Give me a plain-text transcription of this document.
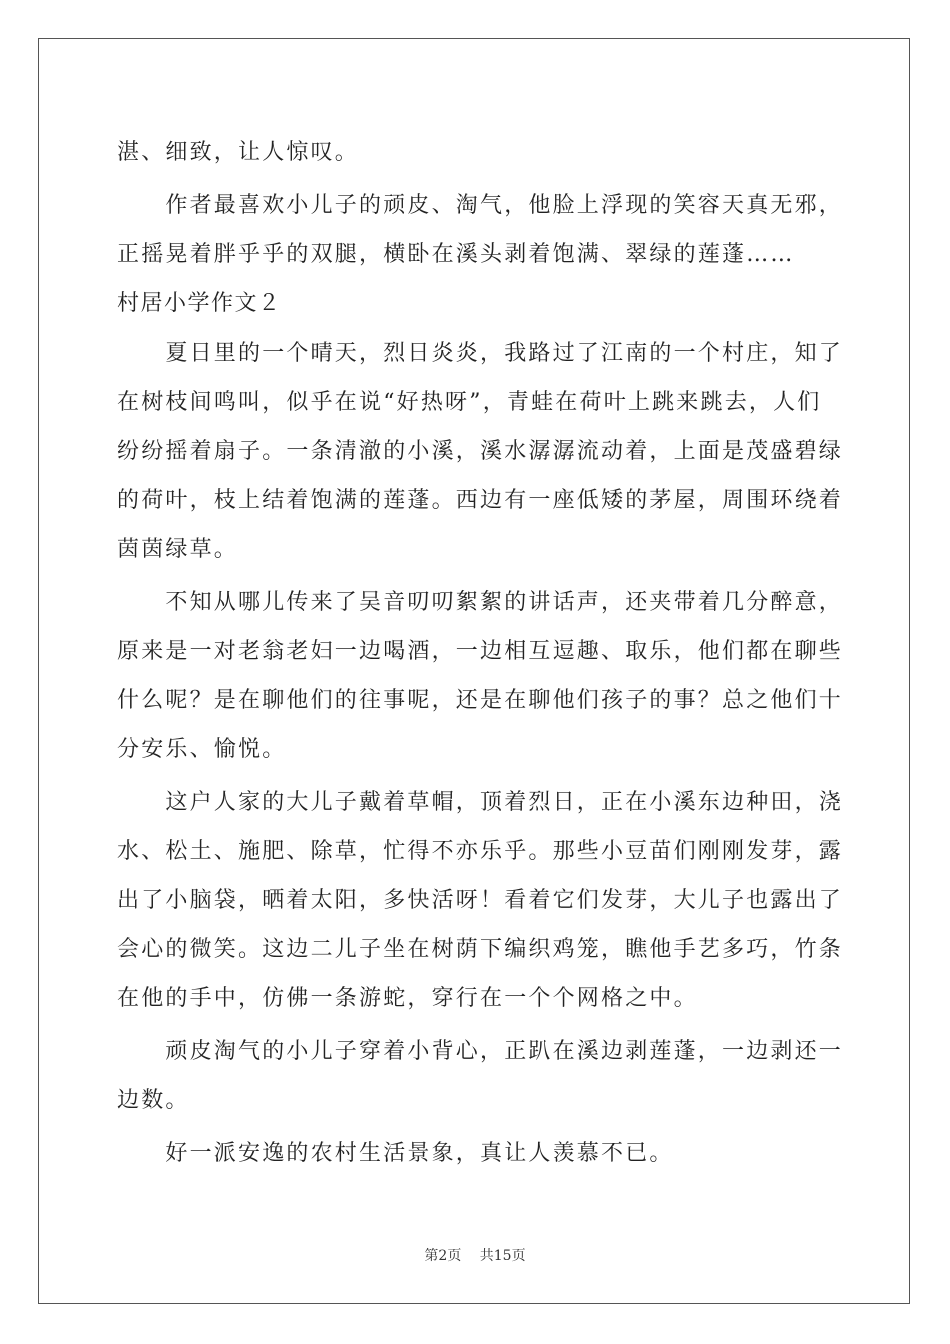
湛、细致，让人惊叹。
　　作者最喜欢小儿子的顽皮、淘气，他脸上浮现的笑容天真无邪，
正摇晃着胖乎乎的双腿，横卧在溪头剥着饱满、翠绿的莲蓬……
村居小学作文２
　　夏日里的一个晴天，烈日炎炎，我路过了江南的一个村庄，知了
在树枝间鸣叫，似乎在说“好热呀”，青蛙在荷叶上跳来跳去，人们
纷纷摇着扇子。一条清澈的小溪，溪水潺潺流动着，上面是茂盛碧绿
的荷叶，枝上结着饱满的莲蓬。西边有一座低矮的茅屋，周围环绕着
茵茵绿草。
　　不知从哪儿传来了吴音叨叨絮絮的讲话声，还夹带着几分醉意，
原来是一对老翁老妇一边喝酒，一边相互逗趣、取乐，他们都在聊些
什么呢？是在聊他们的往事呢，还是在聊他们孩子的事？总之他们十
分安乐、愉悦。
　　这户人家的大儿子戴着草帽，顶着烈日，正在小溪东边种田，浇
水、松土、施肥、除草，忙得不亦乐乎。那些小豆苗们刚刚发芽，露
出了小脑袋，晒着太阳，多快活呀！看着它们发芽，大儿子也露出了
会心的微笑。这边二儿子坐在树荫下编织鸡笼，瞧他手艺多巧，竹条
在他的手中，仿佛一条游蛇，穿行在一个个网格之中。
　　顽皮淘气的小儿子穿着小背心，正趴在溪边剥莲蓬，一边剥还一
边数。
　　好一派安逸的农村生活景象，真让人羡慕不已。
第2页　 共15页
